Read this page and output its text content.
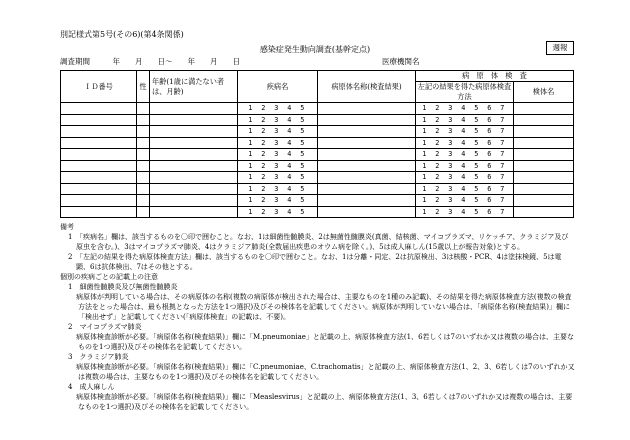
別記様式第5号(その6)(第4条関係)
感染症発生動向調査(基幹定点)	週報
調査期間　　　年　　月　　日～　　年　　月　　日	医療機関名
ＩＤ番号	性	年齢(1歳に満たない者は、月齢)	疾病名	病原体名称(検査結果)	病　原　体　検　査	
					左記の結果を得た病原体検査方法	検体名
			1 2 3 4 5		1 2 3 4 5 6 7	
			1 2 3 4 5		1 2 3 4 5 6 7	
			1 2 3 4 5		1 2 3 4 5 6 7	
			1 2 3 4 5		1 2 3 4 5 6 7	
			1 2 3 4 5		1 2 3 4 5 6 7	
			1 2 3 4 5		1 2 3 4 5 6 7	
			1 2 3 4 5		1 2 3 4 5 6 7	
			1 2 3 4 5		1 2 3 4 5 6 7	
			1 2 3 4 5		1 2 3 4 5 6 7	
			1 2 3 4 5		1 2 3 4 5 6 7	

備考

1　「疾病名」欄は、該当するものを〇印で囲むこと。なお、1は細菌性髄膜炎、2は無菌性髄膜炎(真菌、結核菌、マイコプラズマ、リケッチア、クラミジア及び原虫を含む。)、3はマイコプラズマ肺炎、4はクラミジア肺炎(全数届出疾患のオウム病を除く。)、5は成人麻しん(15歳以上が報告対象)とする。

2　「左記の結果を得た病原体検査方法」欄は、該当するものを〇印で囲むこと。なお、1は分離・同定、2は抗原検出、3は核酸・PCR、4は塗抹検鏡、5は電顕、6は抗体検出、7はその他とする。

個別の疾病ごとの記載上の注意

1　細菌性髄膜炎及び無菌性髄膜炎

病原体が判明している場合は、その病原体の名称(複数の病原体が検出された場合は、主要なものを1種のみ記載)、その結果を得た病原体検査方法(複数の検査方法をとった場合は、最も根拠となった方法を1つ選択)及びその検体名を記載してください。病原体が判明していない場合は、「病原体名称(検査結果)」欄に「検出せず」と記載してください(「病原体検査」の記載は、不要)。

2　マイコプラズマ肺炎

病原体検査診断が必要。「病原体名称(検査結果)」欄に「M.pneumoniae」と記載の上、病原体検査方法(1、6若しくは7のいずれか又は複数の場合は、主要なものを1つ選択)及びその検体名を記載してください。

3　クラミジア肺炎

病原体検査診断が必要。「病原体名称(検査結果)」欄に「C.pneumoniae、C.trachomatis」と記載の上、病原体検査方法(1、2、3、6若しくは7のいずれか又は複数の場合は、主要なものを1つ選択)及びその検体名を記載してください。

4　成人麻しん

病原体検査診断が必要。「病原体名称(検査結果)」欄に「Measlesvirus」と記載の上、病原体検査方法(1、3、6若しくは7のいずれか又は複数の場合は、主要なものを1つ選択)及びその検体名を記載してください。
